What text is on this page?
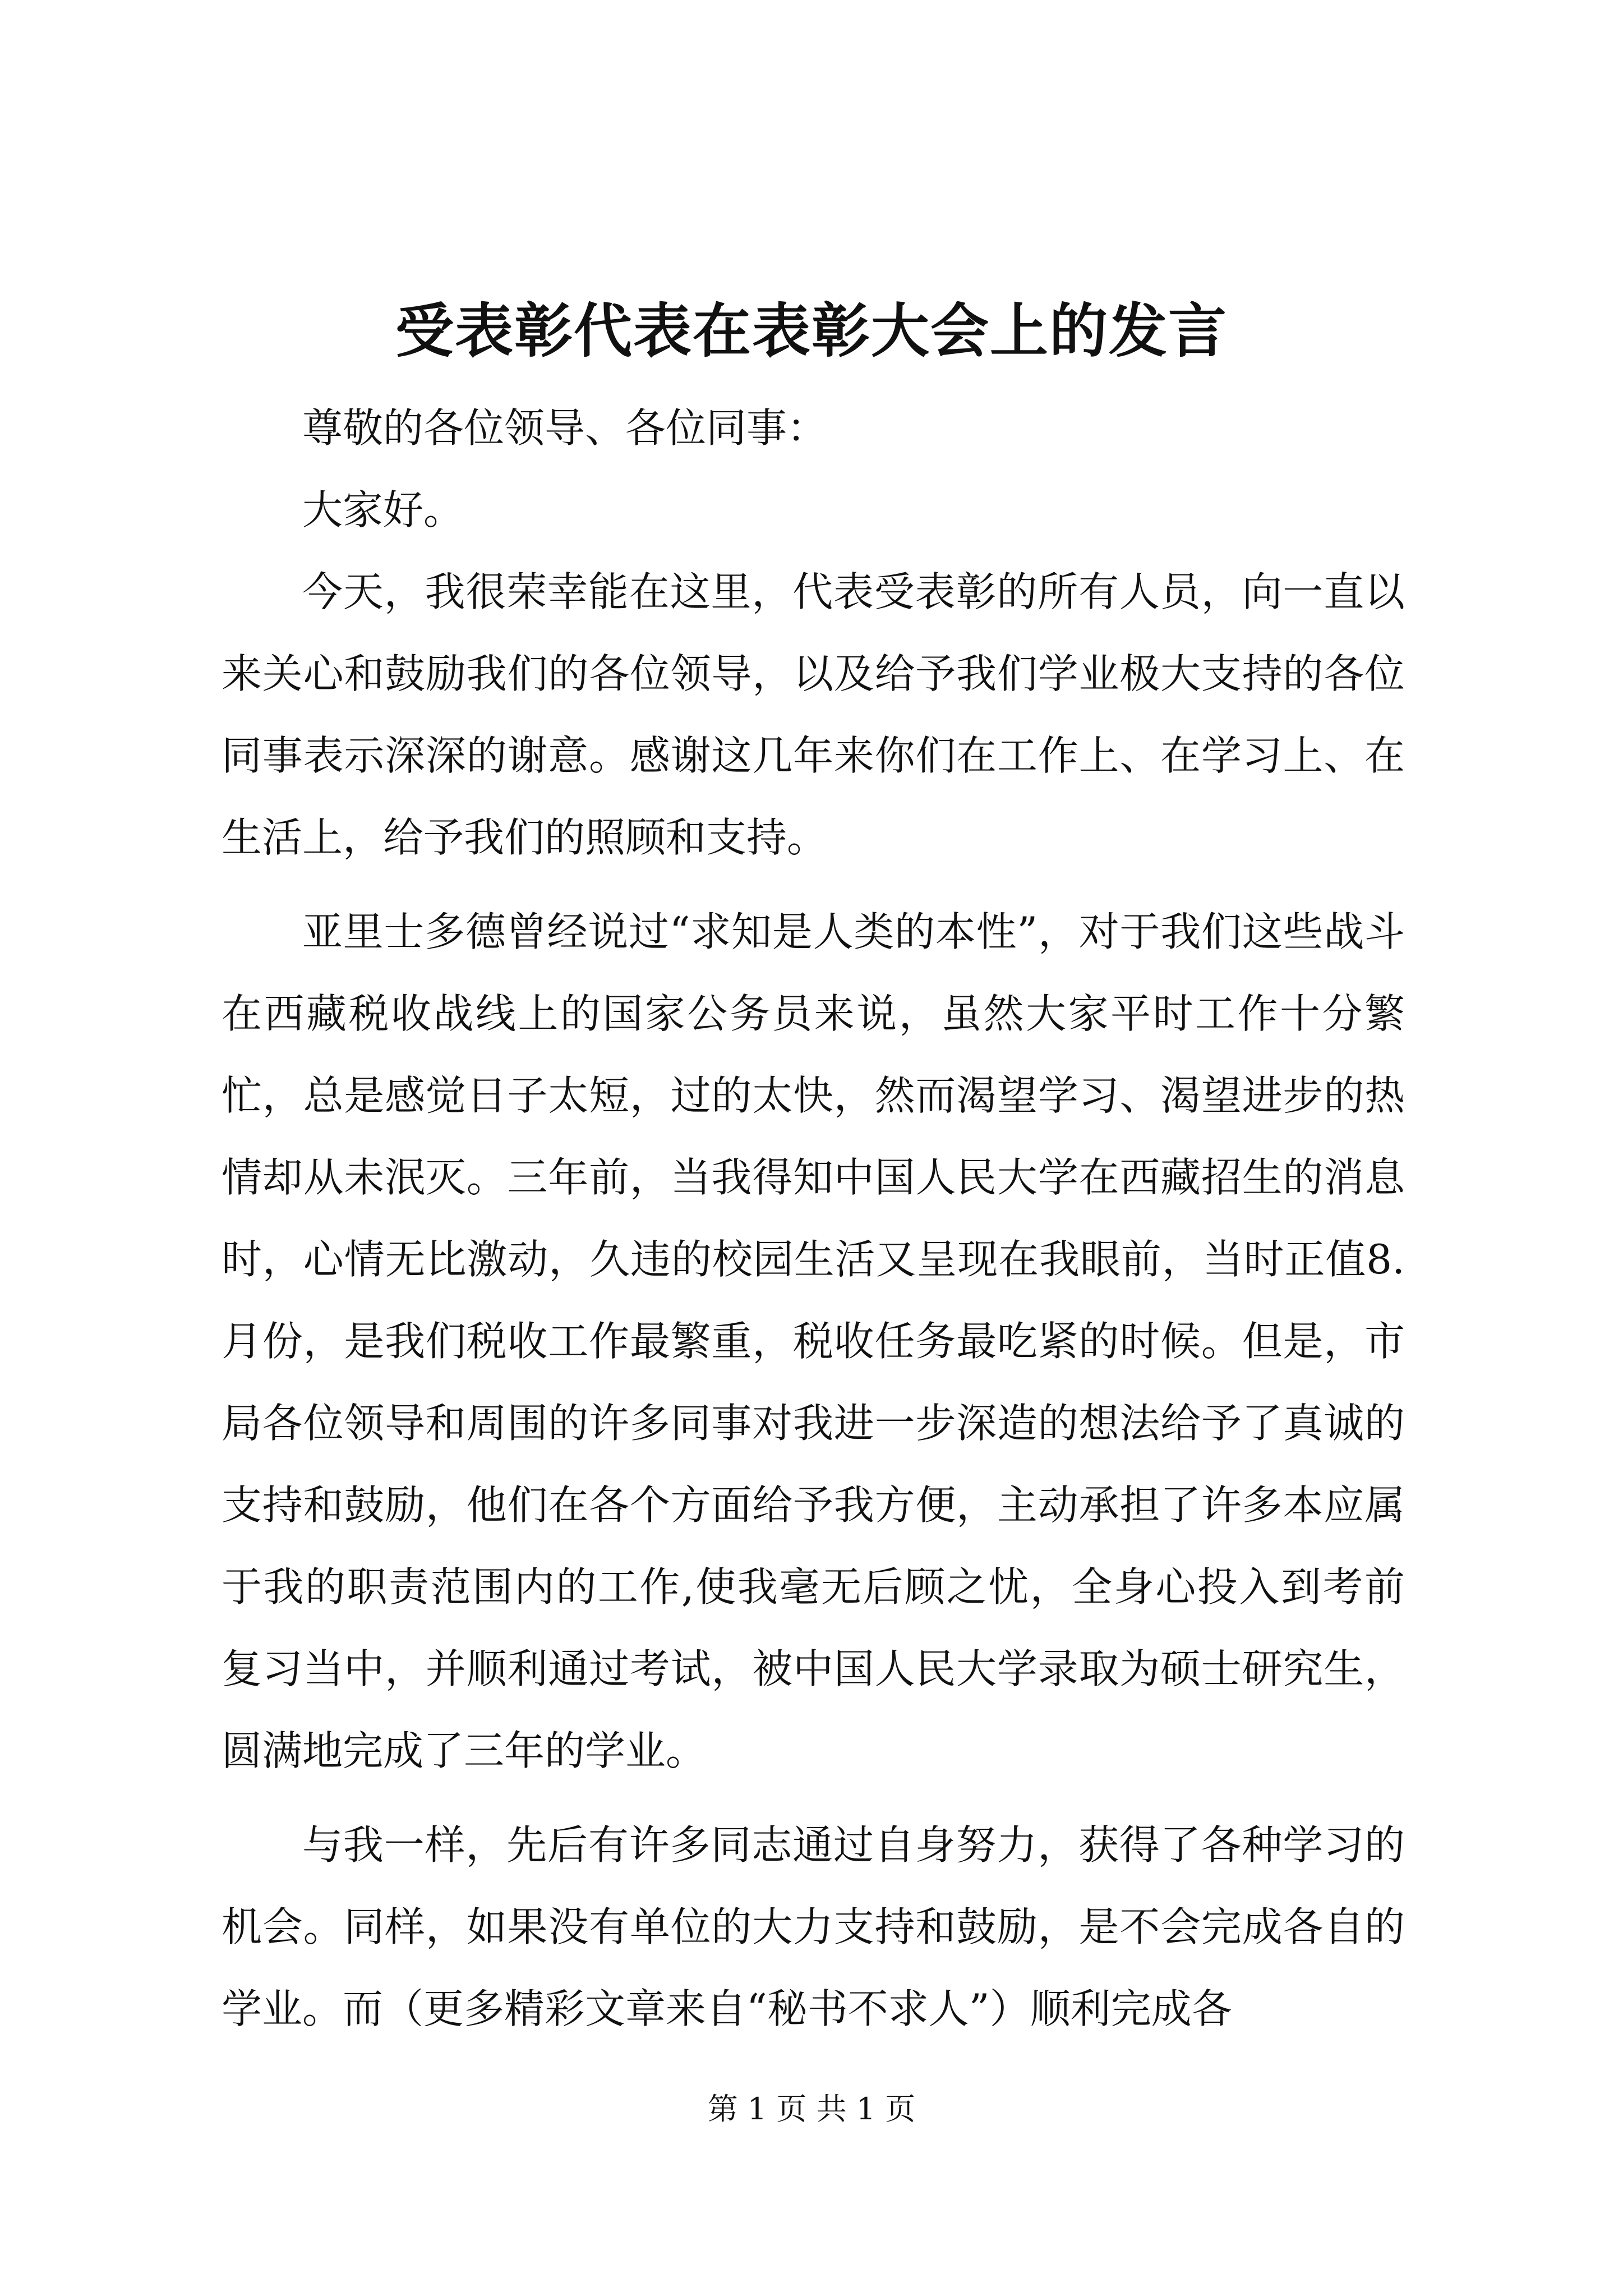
受表彰代表在表彰大会上的发言

尊敬的各位领导、各位同事：

大家好。

今天，我很荣幸能在这里，代表受表彰的所有人员，向一直以来关心和鼓励我们的各位领导，以及给予我们学业极大支持的各位同事表示深深的谢意。感谢这几年来你们在工作上、在学习上、在生活上，给予我们的照顾和支持。

亚里士多德曾经说过“求知是人类的本性”，对于我们这些战斗在西藏税收战线上的国家公务员来说，虽然大家平时工作十分繁忙，总是感觉日子太短，过的太快，然而渴望学习、渴望进步的热情却从未泯灭。三年前，当我得知中国人民大学在西藏招生的消息时，心情无比激动，久违的校园生活又呈现在我眼前，当时正值8.月份，是我们税收工作最繁重，税收任务最吃紧的时候。但是，市局各位领导和周围的许多同事对我进一步深造的想法给予了真诚的支持和鼓励，他们在各个方面给予我方便，主动承担了许多本应属于我的职责范围内的工作,使我毫无后顾之忧，全身心投入到考前复习当中，并顺利通过考试，被中国人民大学录取为硕士研究生，圆满地完成了三年的学业。

与我一样，先后有许多同志通过自身努力，获得了各种学习的机会。同样，如果没有单位的大力支持和鼓励，是不会完成各自的学业。而（更多精彩文章来自“秘书不求人”）顺利完成各

第 1 页 共 1 页
